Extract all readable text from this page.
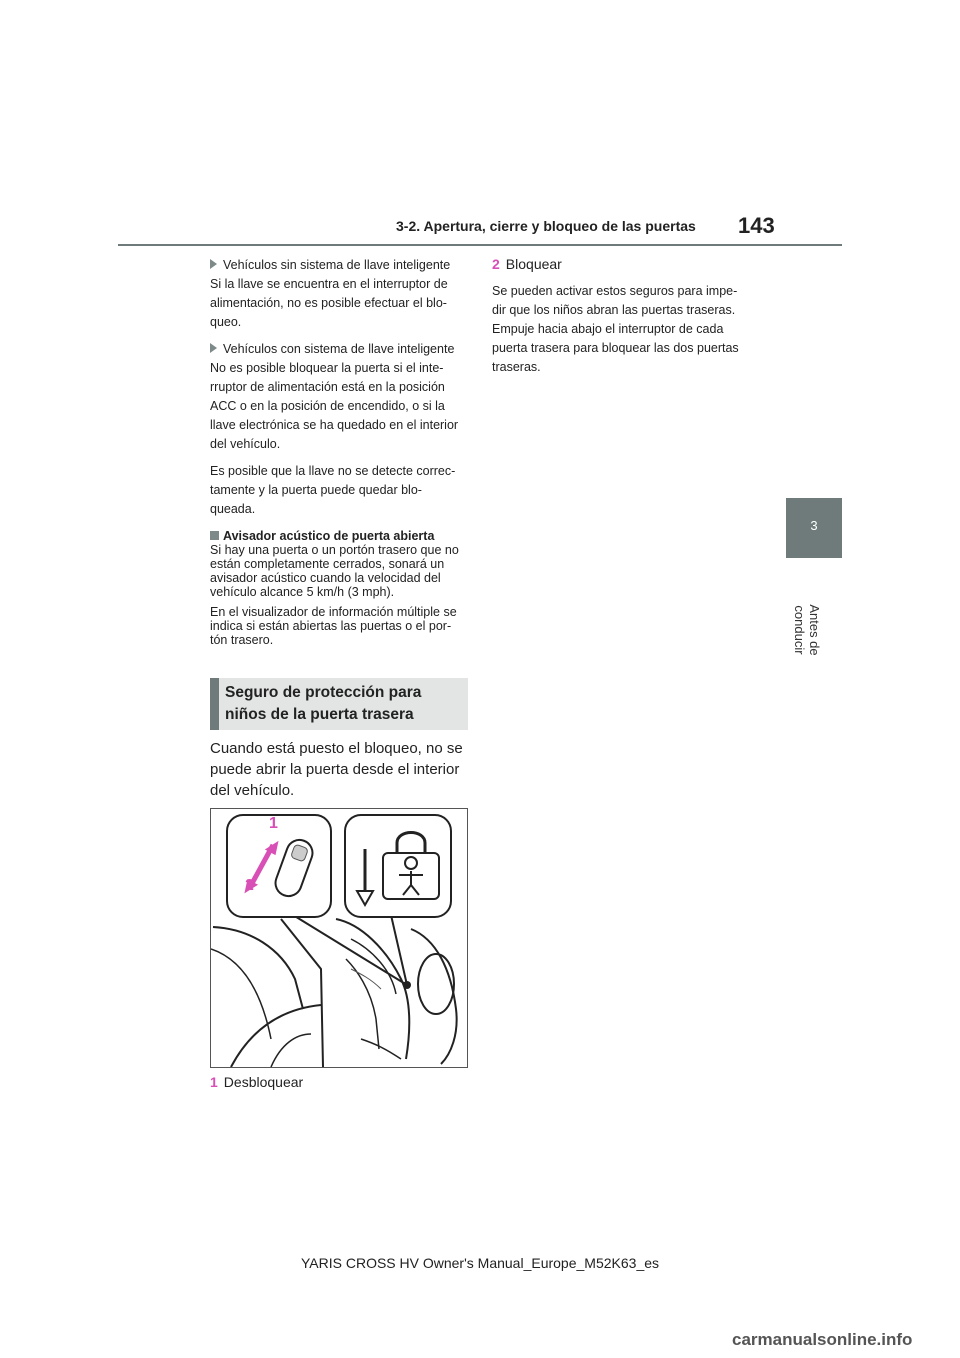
3-2. Apertura, cierre y bloqueo de las puertas 143
3
Antes de conducir
Vehículos sin sistema de llave inteligente

Si la llave se encuentra en el interruptor de

alimentación, no es posible efectuar el blo-

queo.

Vehículos con sistema de llave inteligente

No es posible bloquear la puerta si el inte-

rruptor de alimentación está en la posición

ACC o en la posición de encendido, o si la

llave electrónica se ha quedado en el interior

del vehículo.

Es posible que la llave no se detecte correc-

tamente y la puerta puede quedar blo-

queada.

Avisador acústico de puerta abierta
Si hay una puerta o un portón trasero que no
están completamente cerrados, sonará un
avisador acústico cuando la velocidad del
vehículo alcance 5 km/h (3 mph).
En el visualizador de información múltiple se
indica si están abiertas las puertas o el por-
tón trasero.
Seguro de protección para
niños de la puerta trasera
Cuando está puesto el bloqueo, no se
puede abrir la puerta desde el interior
del vehículo.
1
2
1 Desbloquear
2 Bloquear

Se pueden activar estos seguros para impe-

dir que los niños abran las puertas traseras.

Empuje hacia abajo el interruptor de cada

puerta trasera para bloquear las dos puertas

traseras.

YARIS CROSS HV Owner's Manual_Europe_M52K63_es
carmanualsonline.info
